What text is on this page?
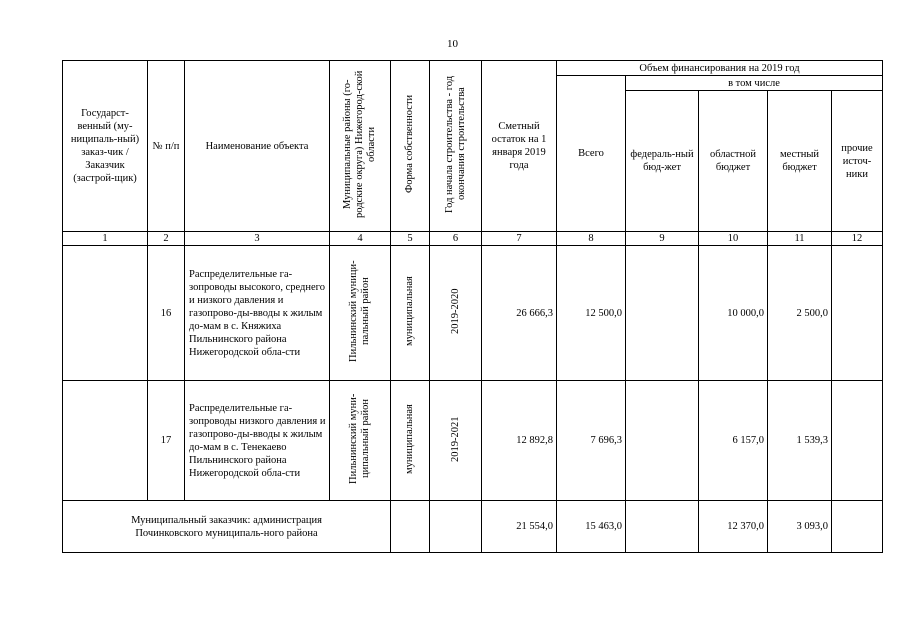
10
Государст-венный (му-ниципаль-ный) заказ-чик / Заказчик (застрой-щик)	№ п/п	Наименование объекта	Муниципальные районы (го-родские округа) Нижегород-ской области	Форма собственности	Год начала строительства - год окончания строительства	Сметный остаток на 1 января 2019 года	Объем финансирования на 2019 год				
							Всего	в том числе			
								федераль-ный бюд-жет	областной бюджет	местный бюджет	прочие источ-ники
1	2	3	4	5	6	7	8	9	10	11	12
	16	Распределительные га-зопроводы высокого, среднего и низкого давления и газопрово-ды-вводы к жилым до-мам в с. Княжиха Пильнинского района Нижегородской обла-сти	Пильнинский муници-пальный район	муниципальная	2019-2020	26 666,3	12 500,0		10 000,0	2 500,0	
	17	Распределительные га-зопроводы низкого давления и газопрово-ды-вводы к жилым до-мам в с. Тенекаево Пильнинского района Нижегородской обла-сти	Пильнинский муни-ципальный район	муниципальная	2019-2021	12 892,8	7 696,3		6 157,0	1 539,3	

Муниципальный заказчик: администрация Починковского муниципаль-ного района						21 554,0	15 463,0		12 370,0	3 093,0	
